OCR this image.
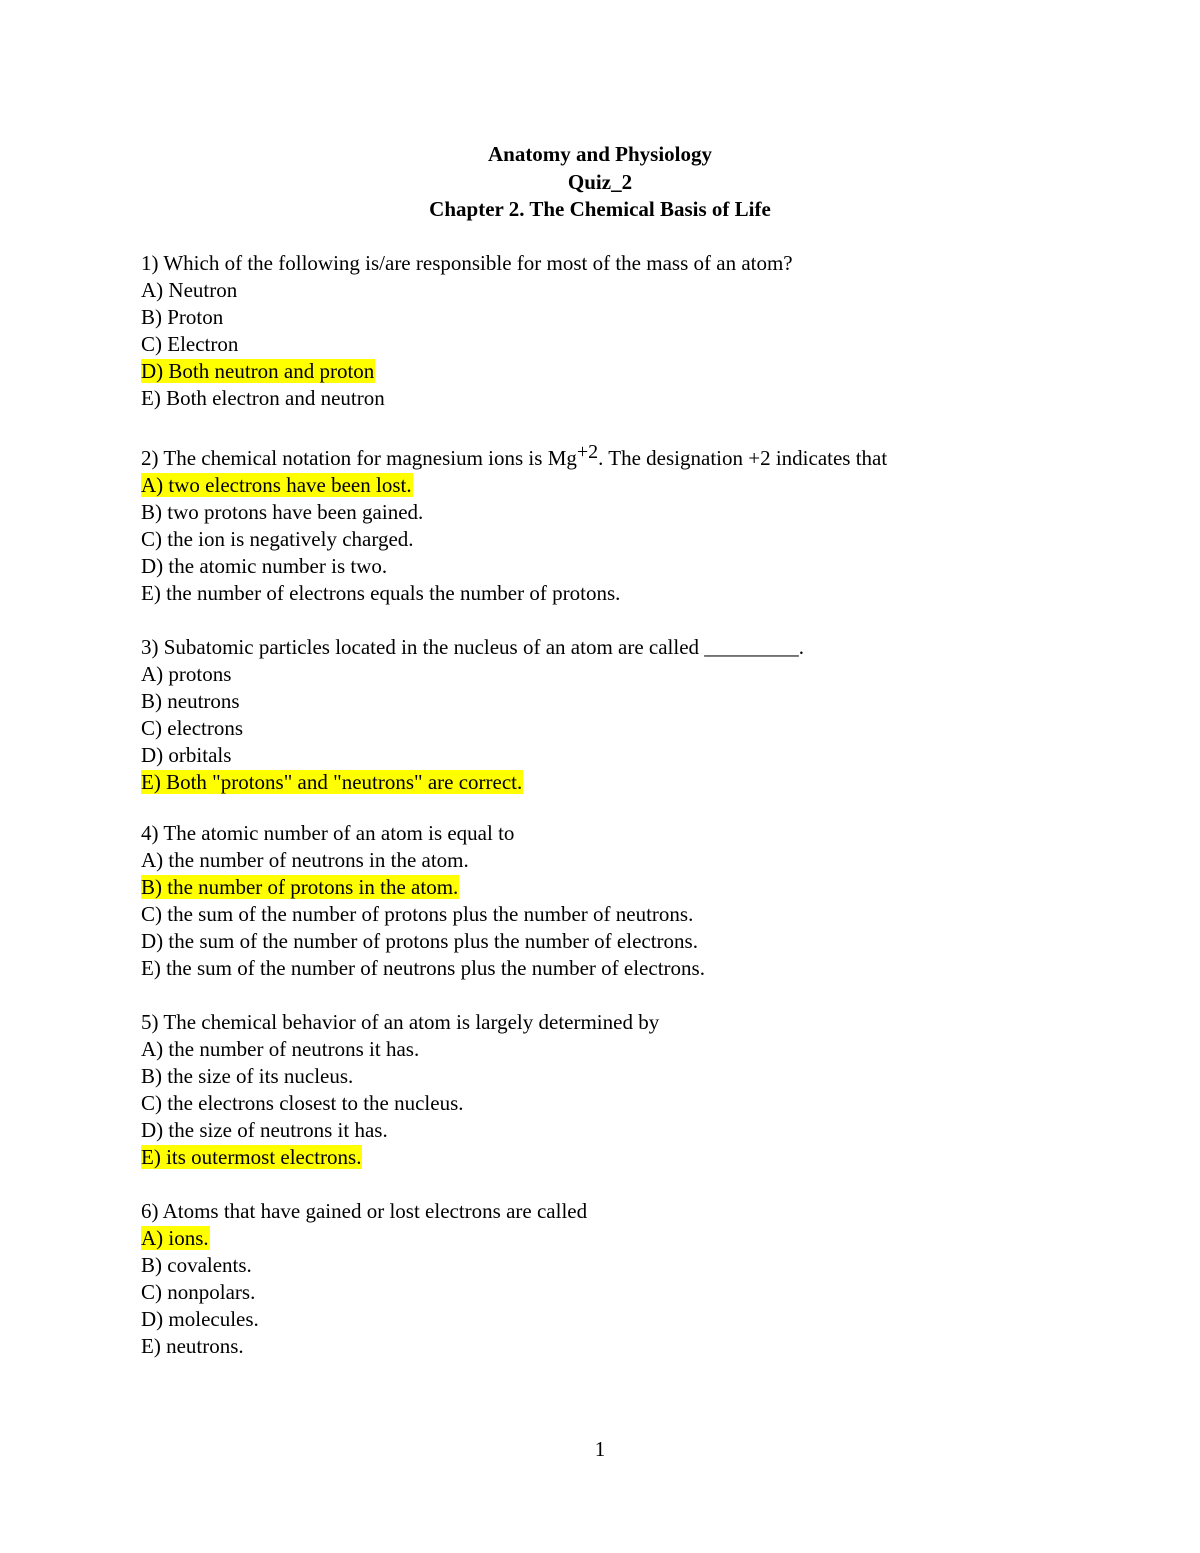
Anatomy and Physiology
Quiz_2
Chapter 2. The Chemical Basis of Life
1) Which of the following is/are responsible for most of the mass of an atom?
A) Neutron
B) Proton
C) Electron
D) Both neutron and proton
E) Both electron and neutron
2) The chemical notation for magnesium ions is $Mg^{+2}$. The designation +2 indicates that
A) two electrons have been lost.
B) two protons have been gained.
C) the ion is negatively charged.
D) the atomic number is two.
E) the number of electrons equals the number of protons.
3) Subatomic particles located in the nucleus of an atom are called _________.
A) protons
B) neutrons
C) electrons
D) orbitals
E) Both "protons" and "neutrons" are correct.
4) The atomic number of an atom is equal to
A) the number of neutrons in the atom.
B) the number of protons in the atom.
C) the sum of the number of protons plus the number of neutrons.
D) the sum of the number of protons plus the number of electrons.
E) the sum of the number of neutrons plus the number of electrons.
5) The chemical behavior of an atom is largely determined by
A) the number of neutrons it has.
B) the size of its nucleus.
C) the electrons closest to the nucleus.
D) the size of neutrons it has.
E) its outermost electrons.
6) Atoms that have gained or lost electrons are called
A) ions.
B) covalents.
C) nonpolars.
D) molecules.
E) neutrons.
1
